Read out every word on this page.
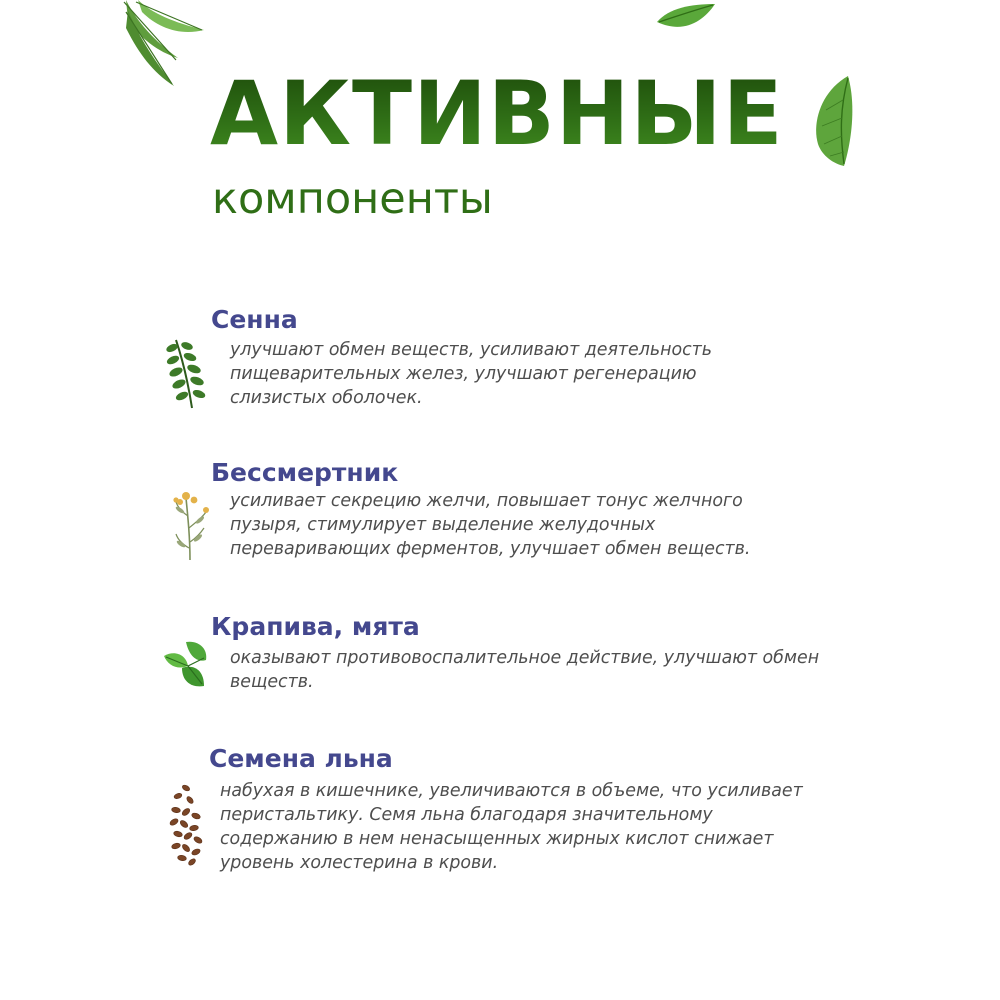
АКТИВНЫЕ
компоненты
Сенна

улучшают обмен веществ, усиливают деятельность пищеварительных желез, улучшают регенерацию слизистых оболочек.

Бессмертник

усиливает секрецию желчи, повышает тонус желчного пузыря, стимулирует выделение желудочных переваривающих ферментов, улучшает обмен веществ.

Крапива, мята

оказывают противовоспалительное действие, улучшают обмен веществ.

Семена льна

набухая в кишечнике, увеличиваются в объеме, что усиливает перистальтику. Семя льна благодаря значительному содержанию в нем ненасыщенных жирных кислот снижает уровень холестерина в крови.
